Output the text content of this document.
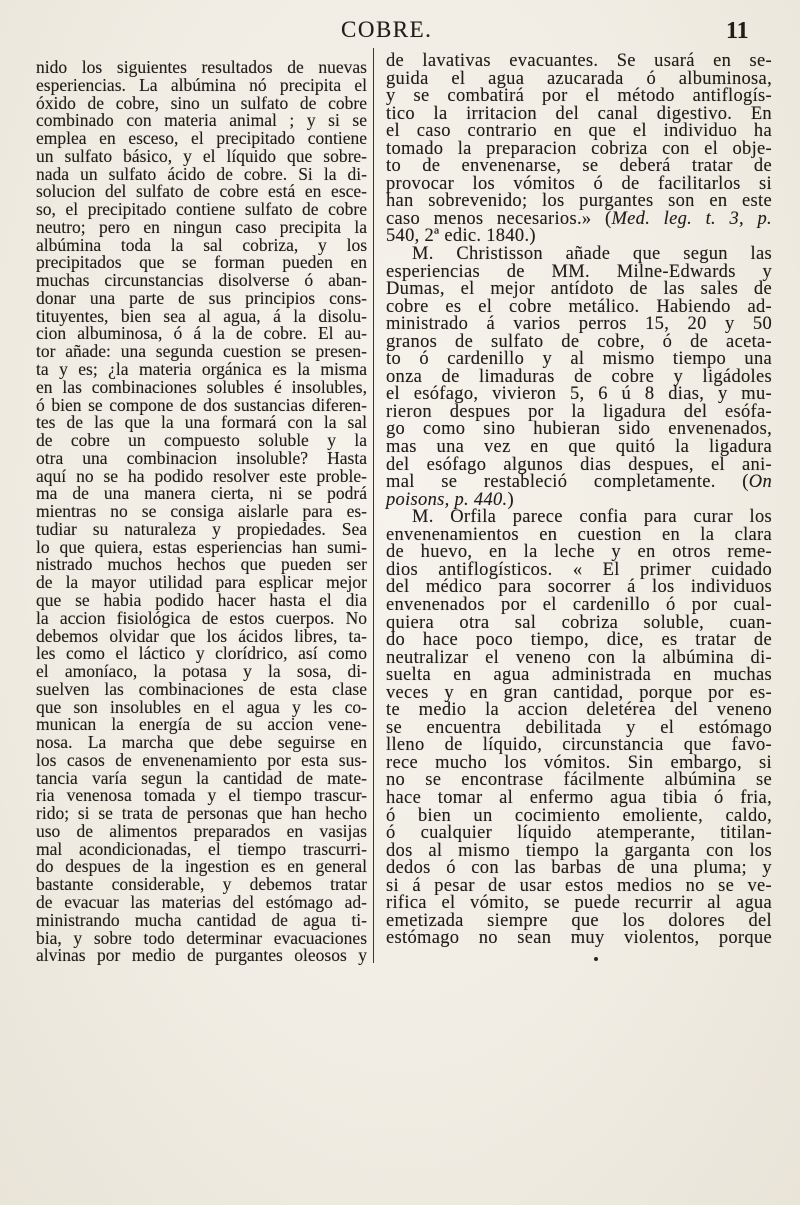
COBRE.	11
nido los siguientes resultados de nuevas
esperiencias. La albúmina nó precipita el
óxido de cobre, sino un sulfato de cobre
combinado con materia animal ; y si se
emplea en esceso, el precipitado contiene
un sulfato básico, y el líquido que sobre-
nada un sulfato ácido de cobre. Si la di-
solucion del sulfato de cobre está en esce-
so, el precipitado contiene sulfato de cobre
neutro; pero en ningun caso precipita la
albúmina toda la sal cobriza, y los
precipitados que se forman pueden en
muchas circunstancias disolverse ó aban-
donar una parte de sus principios cons-
tituyentes, bien sea al agua, á la disolu-
cion albuminosa, ó á la de cobre. El au-
tor añade: una segunda cuestion se presen-
ta y es; ¿la materia orgánica es la misma
en las combinaciones solubles é insolubles,
ó bien se compone de dos sustancias diferen-
tes de las que la una formará con la sal
de cobre un compuesto soluble y la
otra una combinacion insoluble? Hasta
aquí no se ha podido resolver este proble-
ma de una manera cierta, ni se podrá
mientras no se consiga aislarle para es-
tudiar su naturaleza y propiedades. Sea
lo que quiera, estas esperiencias han sumi-
nistrado muchos hechos que pueden ser
de la mayor utilidad para esplicar mejor
que se habia podido hacer hasta el dia
la accion fisiológica de estos cuerpos. No
debemos olvidar que los ácidos libres, ta-
les como el láctico y clorídrico, así como
el amoníaco, la potasa y la sosa, di-
suelven las combinaciones de esta clase
que son insolubles en el agua y les co-
munican la energía de su accion vene-
nosa. La marcha que debe seguirse en
los casos de envenenamiento por esta sus-
tancia varía segun la cantidad de mate-
ria venenosa tomada y el tiempo trascur-
rido; si se trata de personas que han hecho
uso de alimentos preparados en vasijas
mal acondicionadas, el tiempo trascurri-
do despues de la ingestion es en general
bastante considerable, y debemos tratar
de evacuar las materias del estómago ad-
ministrando mucha cantidad de agua ti-
bia, y sobre todo determinar evacuaciones
alvinas por medio de purgantes oleosos y
de lavativas evacuantes. Se usará en se-
guida el agua azucarada ó albuminosa,
y se combatirá por el método antiflogís-
tico la irritacion del canal digestivo. En
el caso contrario en que el individuo ha
tomado la preparacion cobriza con el obje-
to de envenenarse, se deberá tratar de
provocar los vómitos ó de facilitarlos si
han sobrevenido; los purgantes son en este
caso menos necesarios.» (Med. leg. t. 3, p.
540, 2ª edic. 1840.)
M. Christisson añade que segun las
esperiencias de MM. Milne-Edwards y
Dumas, el mejor antídoto de las sales de
cobre es el cobre metálico. Habiendo ad-
ministrado á varios perros 15, 20 y 50
granos de sulfato de cobre, ó de aceta-
to ó cardenillo y al mismo tiempo una
onza de limaduras de cobre y ligádoles
el esófago, vivieron 5, 6 ú 8 dias, y mu-
rieron despues por la ligadura del esófa-
go como sino hubieran sido envenenados,
mas una vez en que quitó la ligadura
del esófago algunos dias despues, el ani-
mal se restableció completamente. (On
poisons, p. 440.)
M. Orfila parece confia para curar los
envenenamientos en cuestion en la clara
de huevo, en la leche y en otros reme-
dios antiflogísticos. « El primer cuidado
del médico para socorrer á los individuos
envenenados por el cardenillo ó por cual-
quiera otra sal cobriza soluble, cuan-
do hace poco tiempo, dice, es tratar de
neutralizar el veneno con la albúmina di-
suelta en agua administrada en muchas
veces y en gran cantidad, porque por es-
te medio la accion deletérea del veneno
se encuentra debilitada y el estómago
lleno de líquido, circunstancia que favo-
rece mucho los vómitos. Sin embargo, si
no se encontrase fácilmente albúmina se
hace tomar al enfermo agua tibia ó fria,
ó bien un cocimiento emoliente, caldo,
ó cualquier líquido atemperante, titilan-
dos al mismo tiempo la garganta con los
dedos ó con las barbas de una pluma; y
si á pesar de usar estos medios no se ve-
rifica el vómito, se puede recurrir al agua
emetizada siempre que los dolores del
estómago no sean muy violentos, porque
